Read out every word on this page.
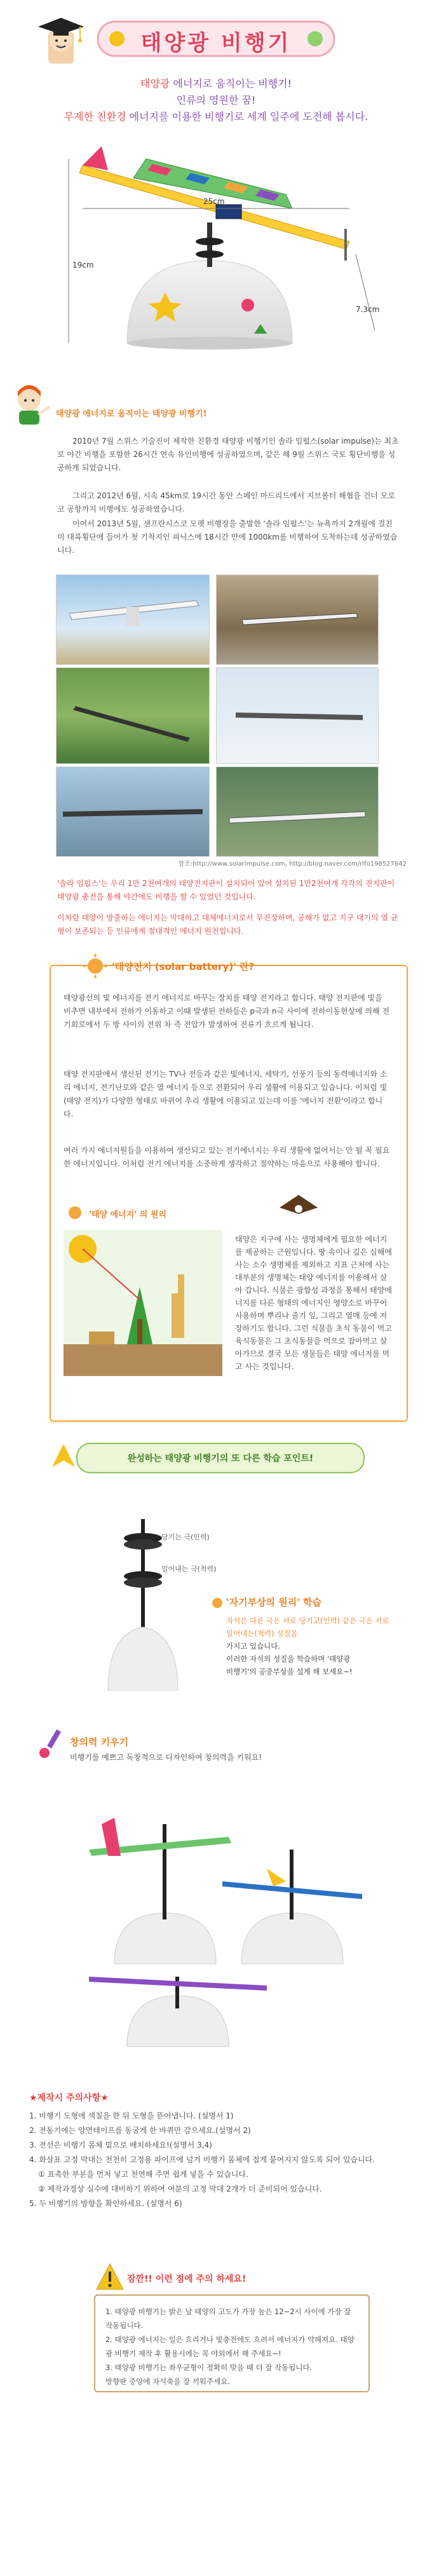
태양광 비행기
태양광 에너지로 움직이는 비행기!
인류의 영원한 꿈!
무제한 친환경 에너지를 이용한 비행기로 세계 일주에 도전해 봅시다.
25cm
19cm
7.3cm
태양광 에너지로 움직이는 태양광 비행기!
2010년 7월 스위스 기술진이 제작한 친환경 태양광 비행기인 솔라 임펄스(solar impulse)는 최초로 야간 비행을 포함한 26시간 연속 유인비행에 성공하였으며, 같은 해 9월 스위스 국토 횡단비행을 성공하게 되었습니다.
그리고 2012년 6월, 시속 45km로 19시간 동안 스페인 마드리드에서 지브롤터 해협을 건너 모로코 공항까지 비행에도 성공하였습니다.
이어서 2013년 5월, 샌프란시스코 모펫 비행장을 출발한 '솔라 임펄스'는 뉴욕까지 2개월에 걸친 미 대륙횡단에 들어가 첫 기착지인 피닉스에 18시간 만에 1000km를 비행하여 도착하는데 성공하였습니다.
참조:http://www.solarimpulse.com, http://blog.naver.com/rlfo198527642
'솔라 임펄스'는 우리 1만 2천여개의 태양전지판이 설치되어 있어 설치된 1만2천여개 각각의 전지판이 태양광 충전을 통해 야간에도 비행을 할 수 있었던 것입니다.
이처럼 태양이 방출하는 에너지는 막대하고 대체에너지로서 무진장하며, 공해가 없고 지구 대기의 열 균형이 보존되는 등 인류에게 절대적인 에너지 원천입니다.
'태양전지 (solar battery)' 란?
태양광선의 빛 에너지를 전기 에너지로 바꾸는 장치를 태양 전지라고 합니다. 태양 전지판에 빛을 비추면 내부에서 전하가 이동하고 이때 발생된 전하들은 p극과 n극 사이에 전하이동현상에 의해 전기회로에서 두 방 사이의 전위 차 즉 전압가 발생하여 전류가 흐르게 됩니다.
태양 전지판에서 생산된 전기는 TV나 전등과 같은 빛에너지, 세탁기, 선풍기 등의 동력에너지와 소리 에너지, 전기난로와 같은 열 에너지 등으로 전환되어 우리 생활에 이용되고 있습니다. 이처럼 빛(태양 전지)가 다양한 형태로 바뀌어 우리 생활에 이용되고 있는데 이를 '에너지 전환'이라고 합니다.
여러 가지 에너지원들을 이용하여 생산되고 있는 전기에너지는 우리 생활에 없어서는 안 될 꼭 필요한 에너지입니다. 이처럼 전기 에너지를 소중하게 생각하고 절약하는 마음으로 사용해야 합니다.
'태양 에너지' 의 원리
태양은 지구에 사는 생명체에게 필요한 에너지를 제공하는 근원입니다. 땅 속이나 깊은 심해에 사는 소수 생명체를 제외하고 지표 근처에 사는 대부분의 생명체는 태양 에너지를 이용해서 살아 갑니다. 식물은 광합성 과정을 통해서 태양에너지를 다른 형태의 에너지인 영양소로 바꾸어 사용하며 뿌리나 줄기 잎, 그리고 열매 등에 저장하기도 합니다. 그런 식물을 초식 동물이 먹고 육식동물은 그 초식동물을 먹으로 잡아먹고 살아가므로 결국 모든 생물들은 태양 에너지를 먹고 사는 것입니다.
완성하는 태양광 비행기의 또 다른 학습 포인트!
당기는 극(인력)
밀어내는 극(척력)
'자기부상의 원리' 학습
자석은 다른 극은 서로 당기고(인력) 같은 극은 서로 밀어내는(척력) 성질을
가지고 있습니다.
이러한 자석의 성질을 학습하며 '태양광
비행기'의 공중부상을 설계 해 보세요~!
창의력 키우기
비행기를 예쁘고 독창적으로 디자인하여 창의력을 키워요!
★제작시 주의사항★
1. 비행기 도형에 색칠을 한 뒤 도형을 뜯어냅니다. (설명서 1)
2. 전동기에는 양면테이프를 동굴게 한 바퀴만 감으세요.(설명서 2)
3. 전선은 비행기 몸체 밑으로 배치하세요!(설명서 3,4)
4. 화살표 고정 막대는 천천히 고정용 파이프에 넘겨 비행기 몸체에 접게 붙여지지 않도록 되어 있습니다.
① 표촉한 부분을 먼저 넣고 천연해 주면 쉽게 넣을 수 있습니다.
② 제작과정상 실수에 대비하기 위하여 여분의 고정 막대 2개가 더 준비되어 있습니다.
5. 두 비행기의 방향을 확인하세요. (설명서 6)
잠깐!! 이런 점에 주의 하세요!
1. 태양광 비행기는 밝은 날 태양의 고도가 가장 높은 12~2시 사이에 가장 잘 작동됩니다.
2. 태양광 에너지는 일은 흐리거나 빛충전에도 흐려서 에너지가 약해져요. 태양광 비행기 제작 후 활용시에는 꼭 야외에서 해 주세요~!
3. 태양광 비행기는 좌우균형이 정확히 맞을 때 더 잘 작동됩니다.
방향판 중앙에 자석축을 잘 끼워주세요.
